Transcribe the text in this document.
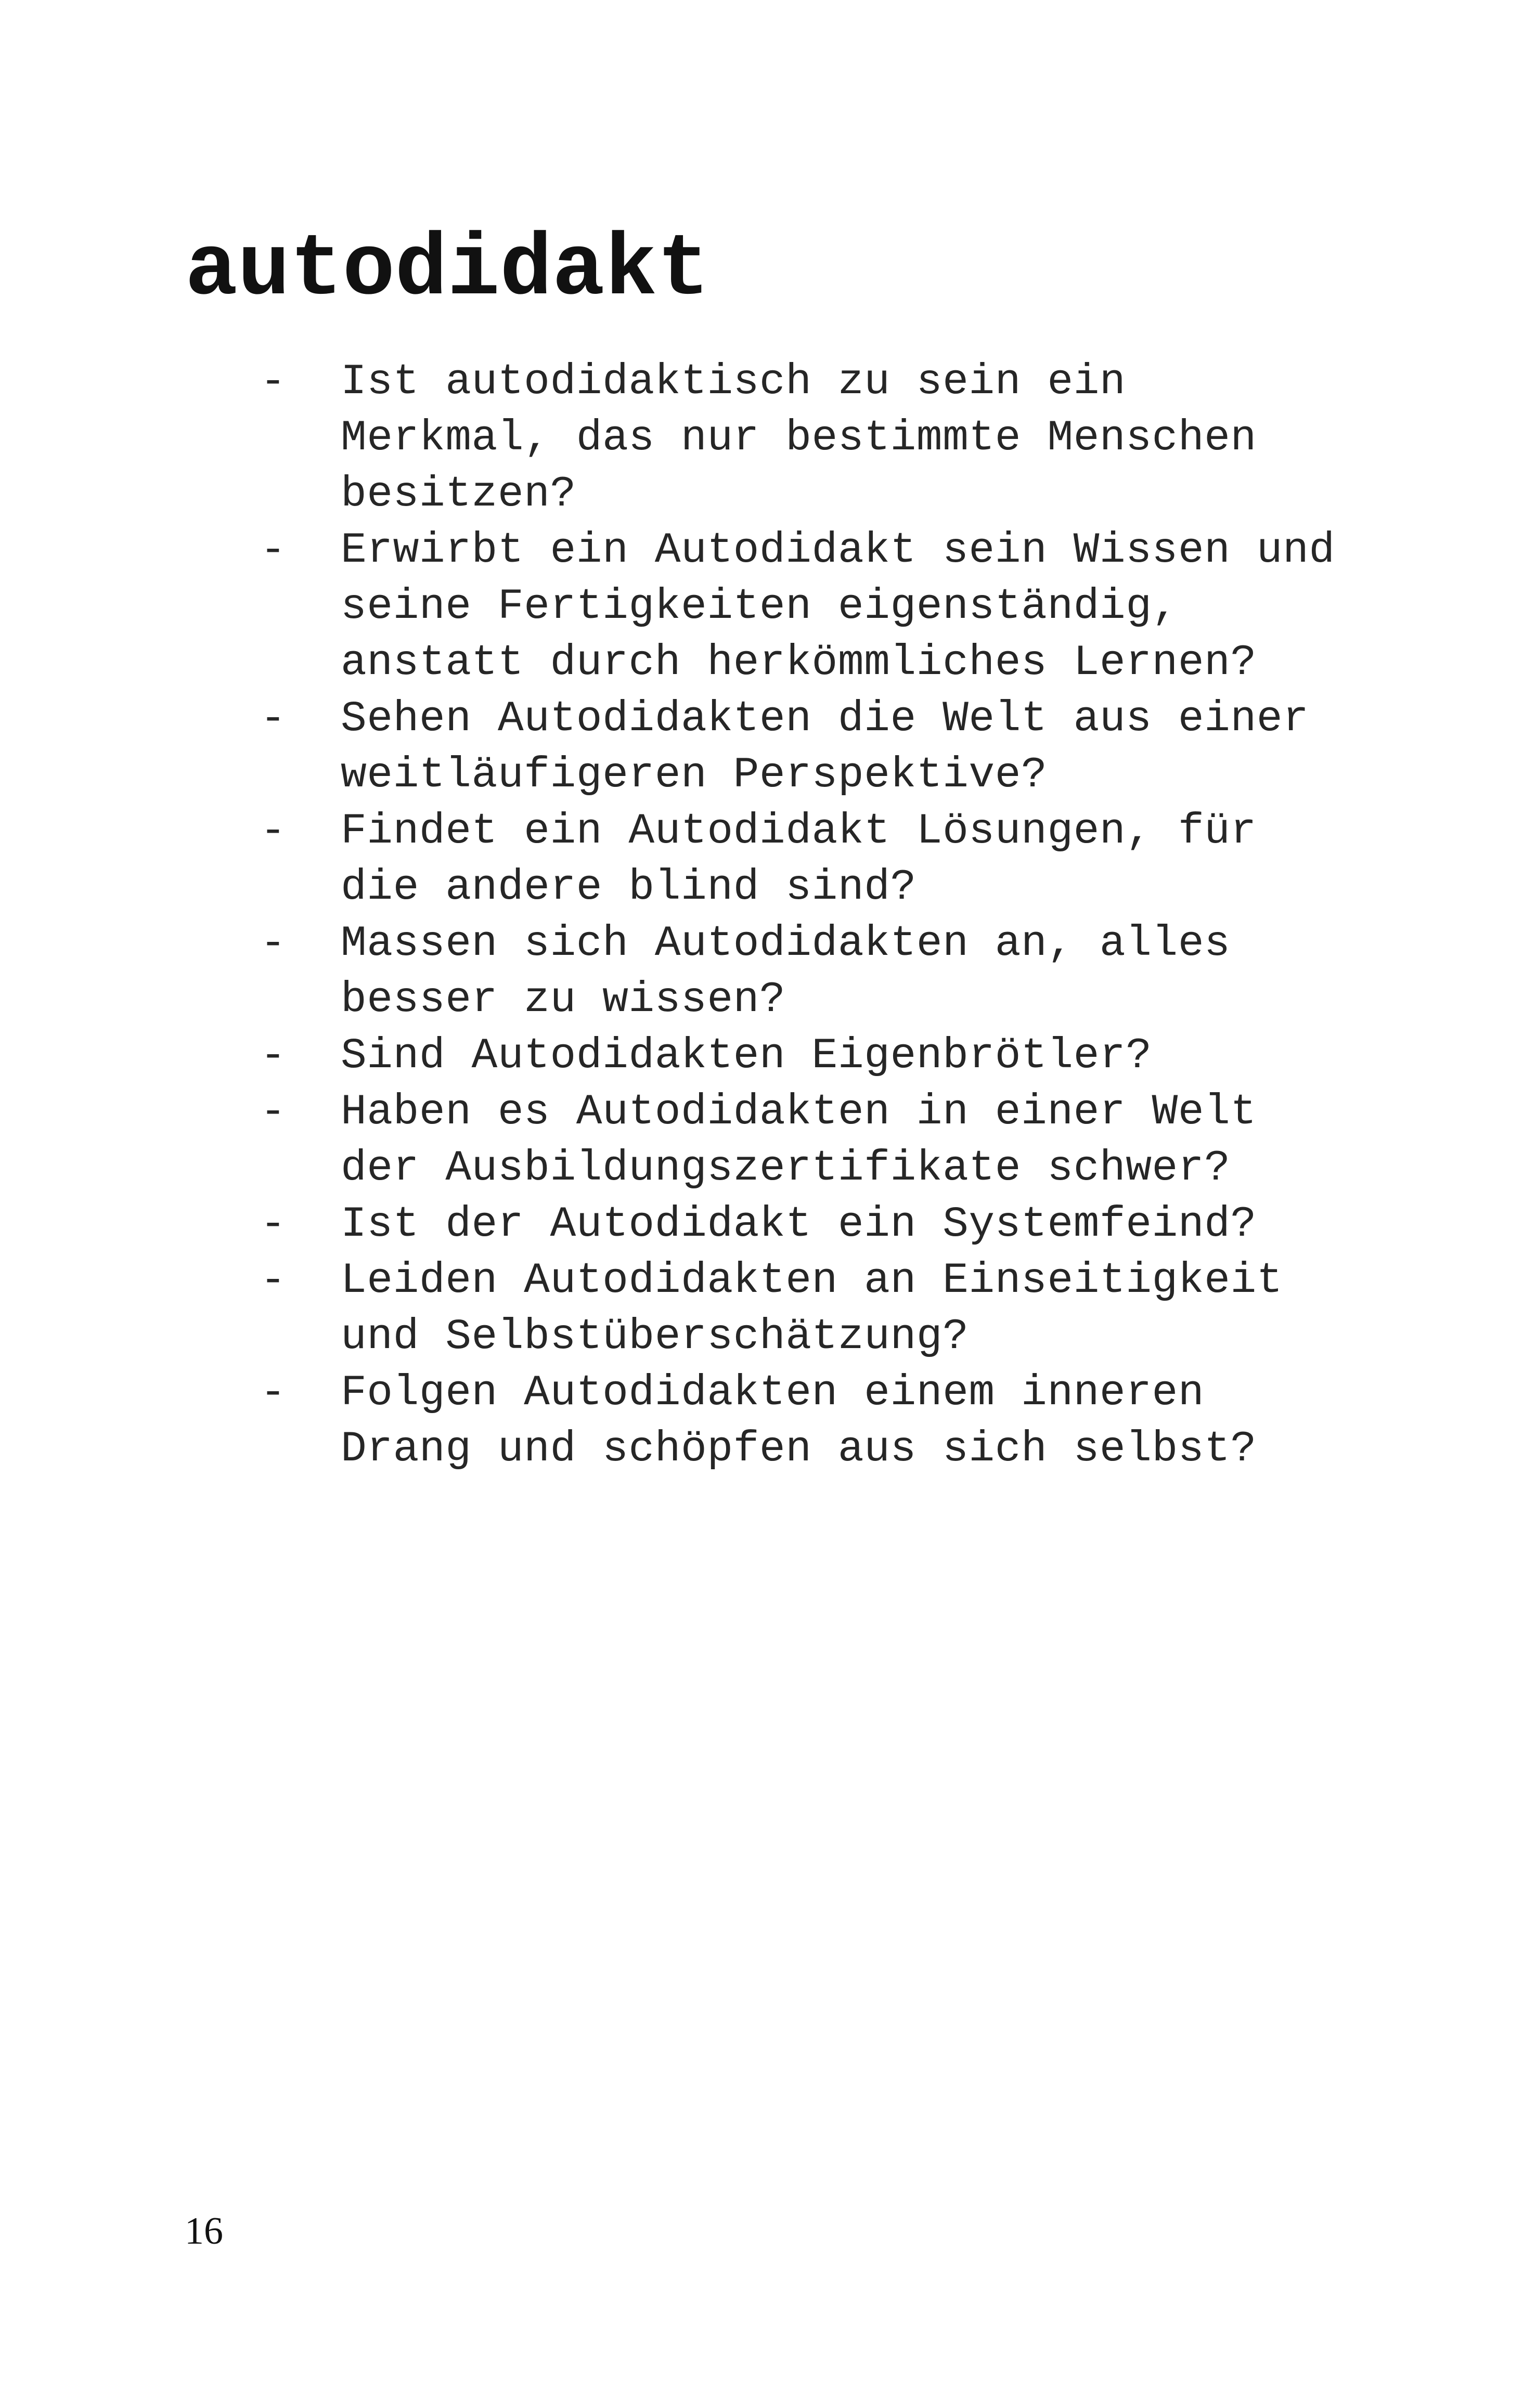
autodidakt
- Ist autodidaktisch zu sein ein
Merkmal, das nur bestimmte Menschen
besitzen?
- Erwirbt ein Autodidakt sein Wissen und
seine Fertigkeiten eigenständig,
anstatt durch herkömmliches Lernen?
- Sehen Autodidakten die Welt aus einer
weitläufigeren Perspektive?
- Findet ein Autodidakt Lösungen, für
die andere blind sind?
- Massen sich Autodidakten an, alles
besser zu wissen?
- Sind Autodidakten Eigenbrötler?
- Haben es Autodidakten in einer Welt
der Ausbildungszertifikate schwer?
- Ist der Autodidakt ein Systemfeind?
- Leiden Autodidakten an Einseitigkeit
und Selbstüberschätzung?
- Folgen Autodidakten einem inneren
Drang und schöpfen aus sich selbst?
16
